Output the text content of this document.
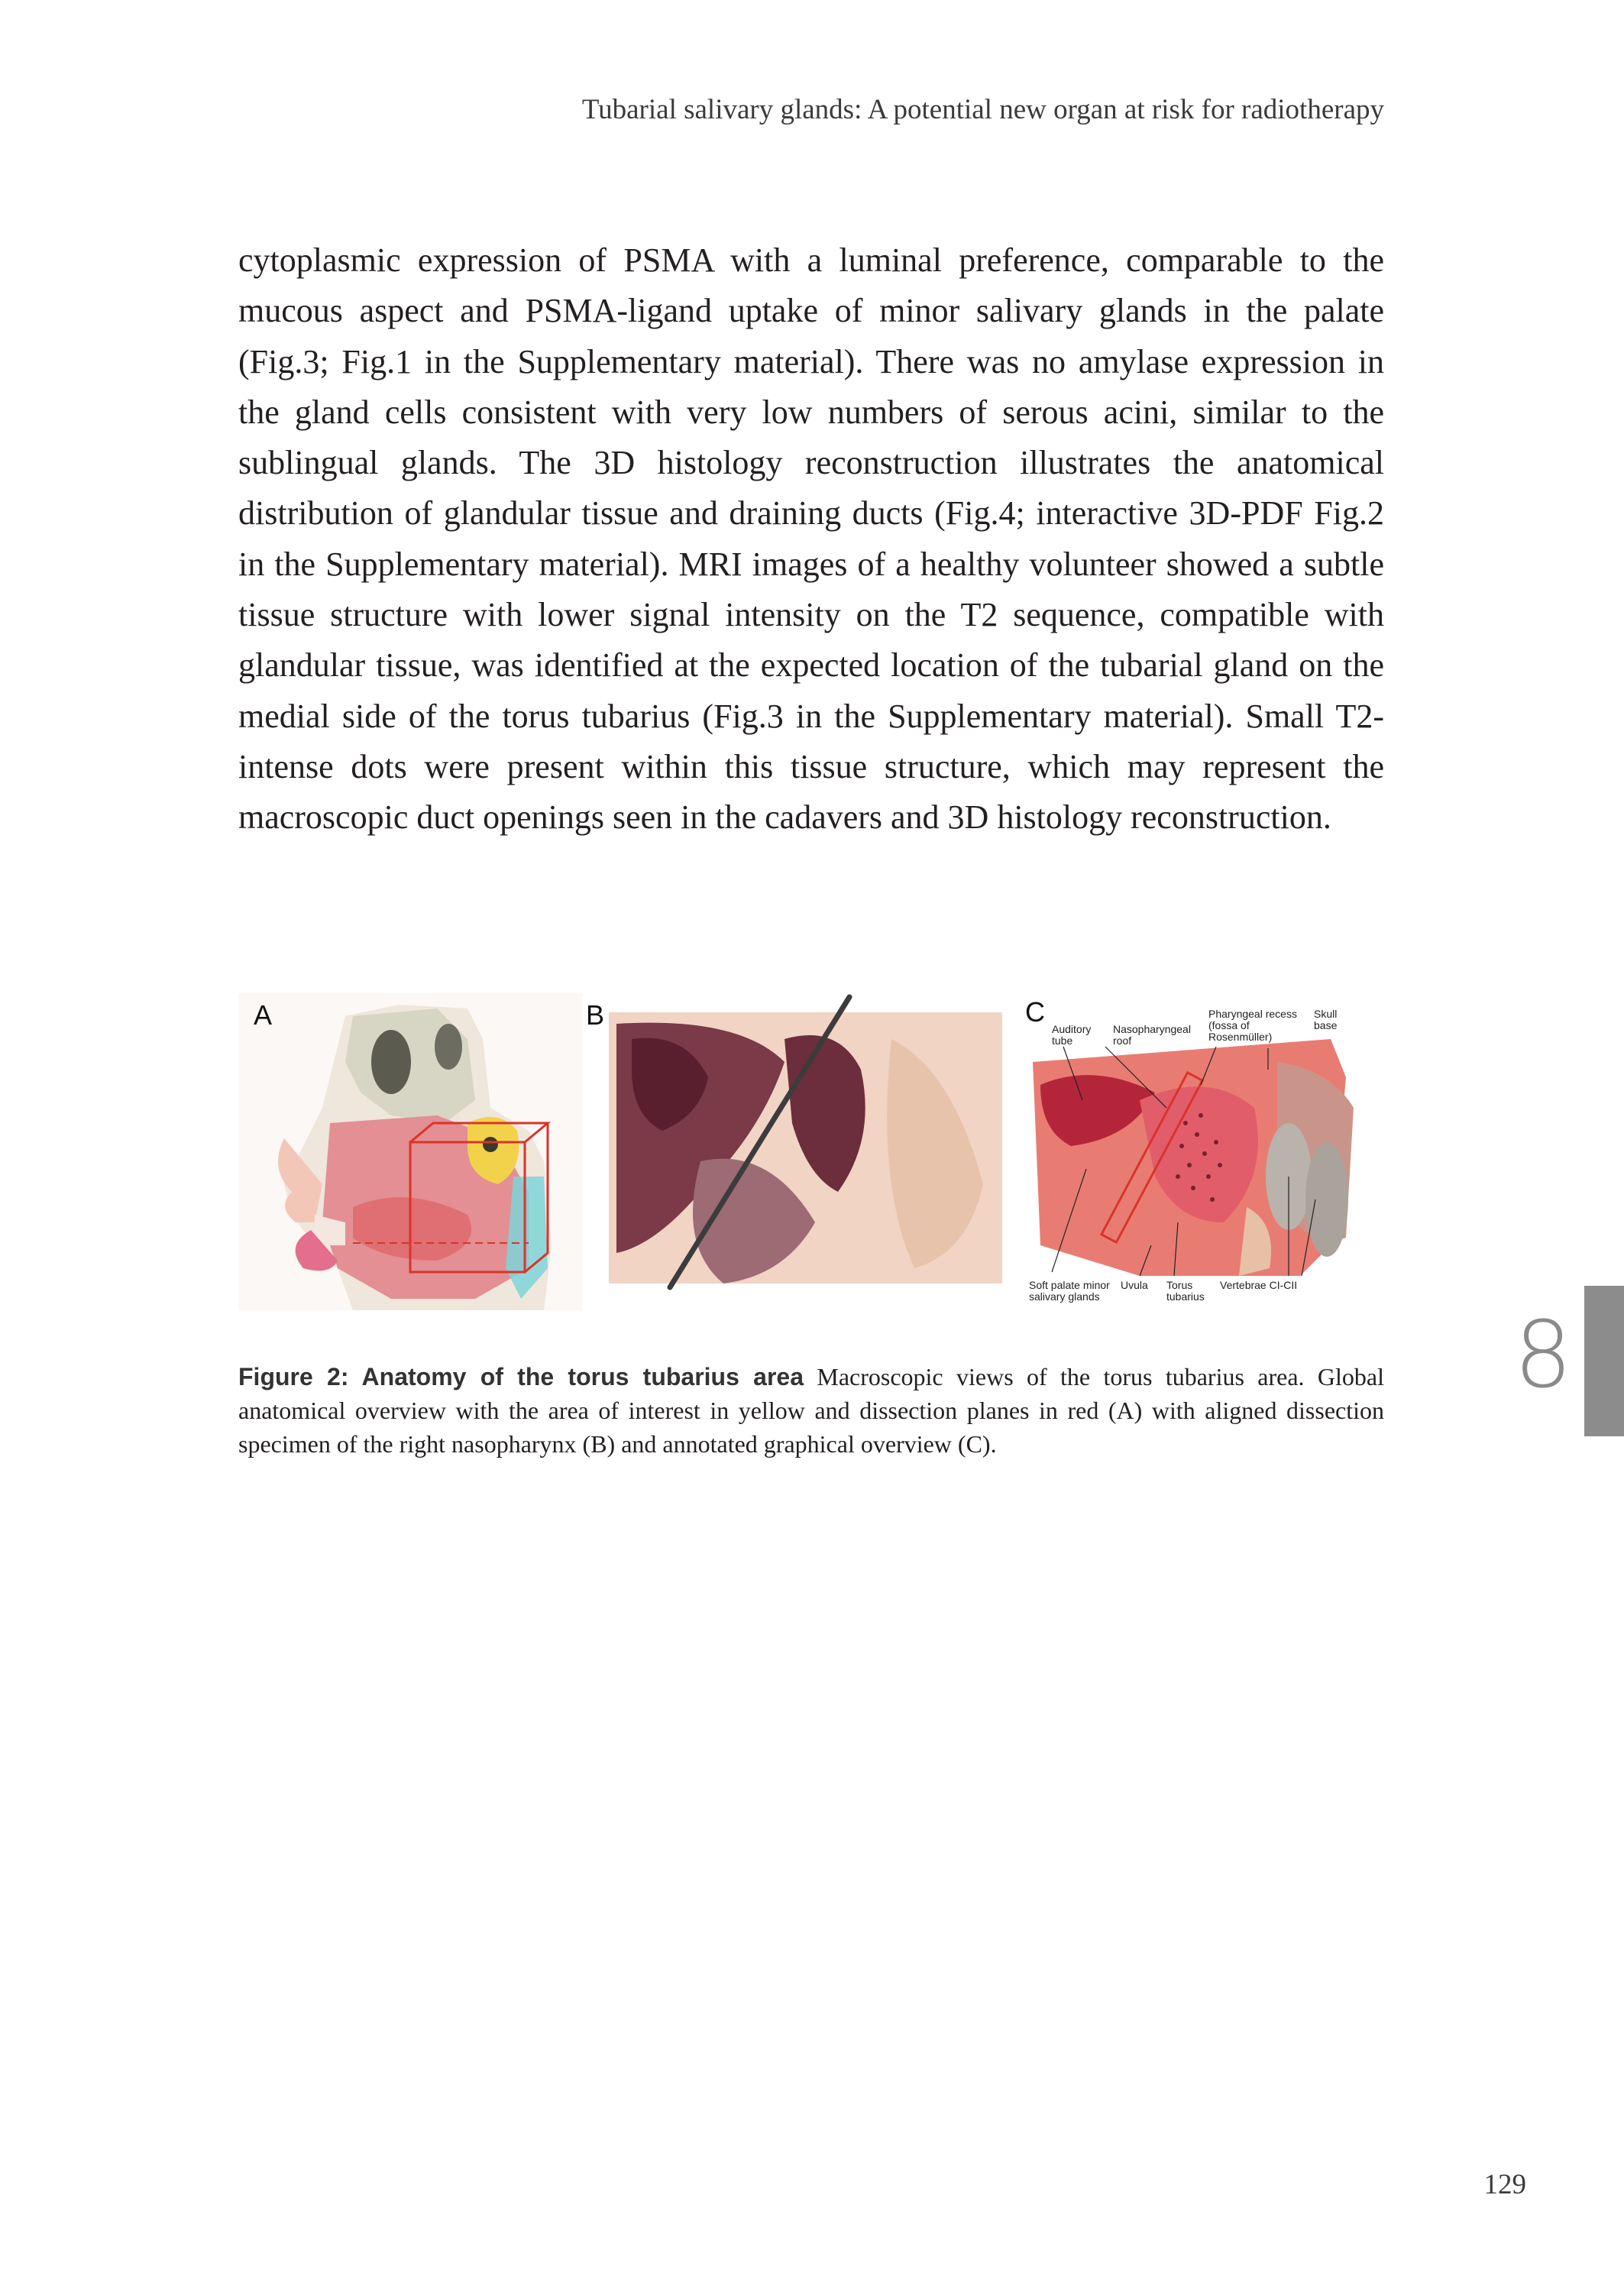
Tubarial salivary glands: A potential new organ at risk for radiotherapy

cytoplasmic expression of PSMA with a luminal preference, comparable to the mucous aspect and PSMA-ligand uptake of minor salivary glands in the palate (Fig.3; Fig.1 in the Supplementary material). There was no amylase expression in the gland cells consistent with very low numbers of serous acini, similar to the sublingual glands. The 3D histology reconstruction illustrates the anatomical distribution of glandular tissue and draining ducts (Fig.4; interactive 3D-PDF Fig.2 in the Supplementary material). MRI images of a healthy volunteer showed a subtle tissue structure with lower signal intensity on the T2 sequence, compatible with glandular tissue, was identified at the expected location of the tubarial gland on the medial side of the torus tubarius (Fig.3 in the Supplementary material). Small T2-intense dots were present within this tissue structure, which may represent the macroscopic duct openings seen in the cadavers and 3D histology reconstruction.

A	B	C
Auditory tube
Nasopharyngeal roof
Pharyngeal recess (fossa of Rosenmüller)
Skull base
Soft palate minor salivary glands
Uvula Torus tubarius
Vertebrae CI-CII

Figure 2: Anatomy of the torus tubarius area Macroscopic views of the torus tubarius area. Global anatomical overview with the area of interest in yellow and dissection planes in red (A) with aligned dissection specimen of the right nasopharynx (B) and annotated graphical overview (C).

8
129
